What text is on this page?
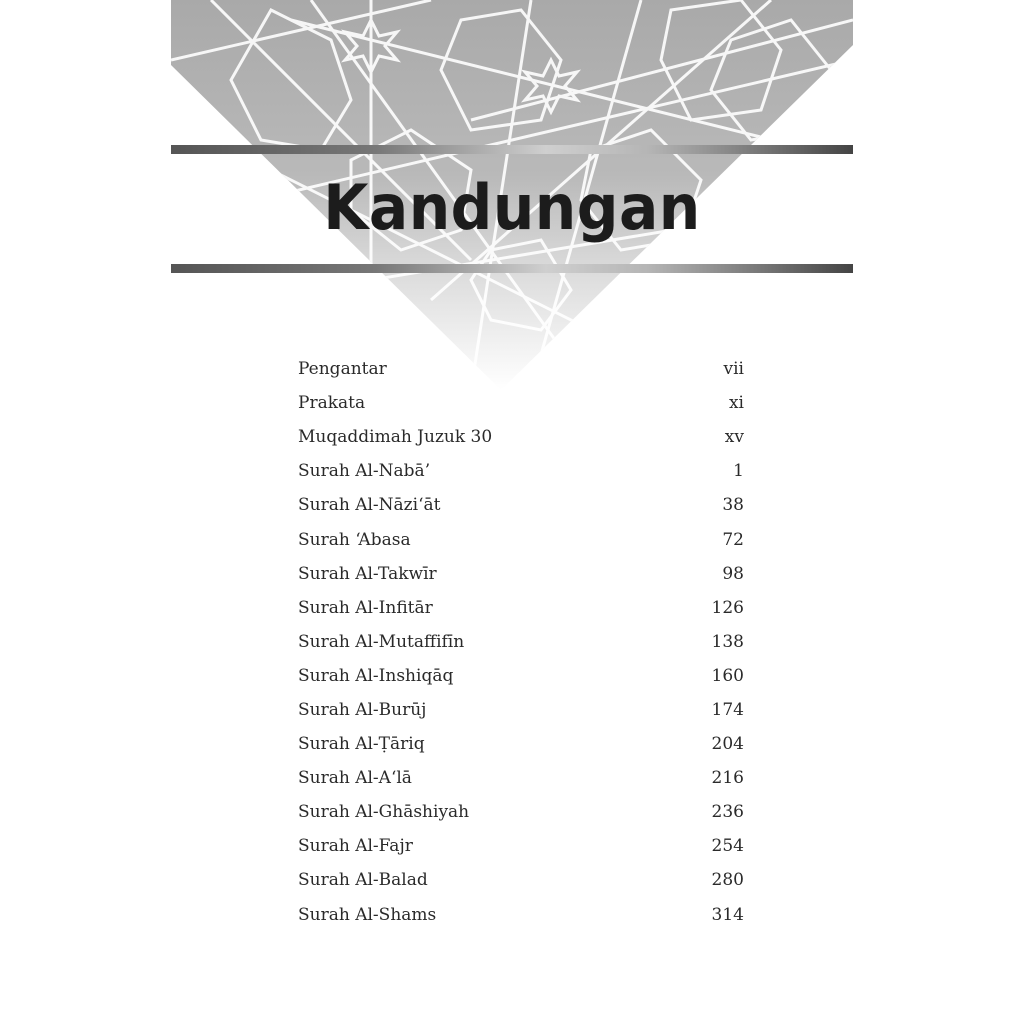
Kandungan
Pengantar	vii
Prakata	xi
Muqaddimah Juzuk 30	xv
Surah Al-Nabā’	1
Surah Al-Nāzi‘āt	38
Surah ‘Abasa	72
Surah Al-Takwīr	98
Surah Al-Infitār	126
Surah Al-Mutaffifīn	138
Surah Al-Inshiqāq	160
Surah Al-Burūj	174
Surah Al-Ṭāriq	204
Surah Al-A‘lā	216
Surah Al-Ghāshiyah	236
Surah Al-Fajr	254
Surah Al-Balad	280
Surah Al-Shams	314
